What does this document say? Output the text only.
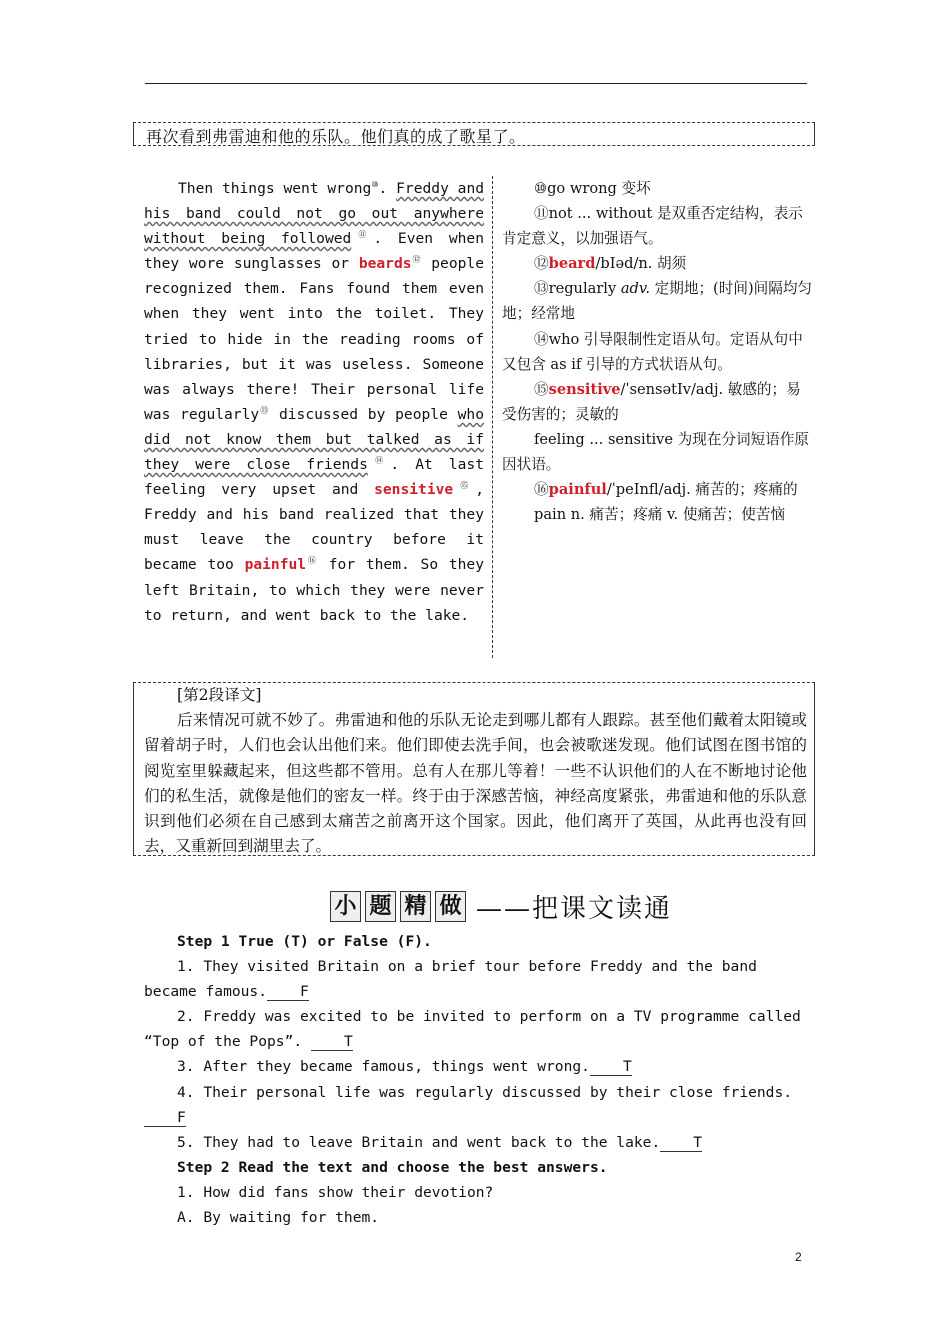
再次看到弗雷迪和他的乐队。他们真的成了歌星了。
Then things went wrong⑩. Freddy and his band could not go out anywhere without being followed⑪. Even when they wore sunglasses or beards⑫ people recognized them. Fans found them even when they went into the toilet. They tried to hide in the reading rooms of libraries, but it was useless. Someone was always there! Their personal life was regularly⑬ discussed by people who did not know them but talked as if they were close friends⑭. At last feeling very upset and sensitive⑮, Freddy and his band realized that they must leave the country before it became too painful⑯ for them. So they left Britain, to which they were never to return, and went back to the lake.

⑩go wrong 变坏

⑪not ... without 是双重否定结构，表示肯定意义，以加强语气。

⑫beard/bIəd/n. 胡须

⑬regularly adv. 定期地；(时间)间隔均匀地；经常地

⑭who 引导限制性定语从句。定语从句中又包含 as if 引导的方式状语从句。

⑮sensitive/ˈsensətIv/adj. 敏感的；易受伤害的；灵敏的

feeling ... sensitive 为现在分词短语作原因状语。

⑯painful/ˈpeInfl/adj. 痛苦的；疼痛的

pain n. 痛苦；疼痛 v. 使痛苦；使苦恼

[第2段译文]

后来情况可就不妙了。弗雷迪和他的乐队无论走到哪儿都有人跟踪。甚至他们戴着太阳镜或留着胡子时，人们也会认出他们来。他们即使去洗手间，也会被歌迷发现。他们试图在图书馆的阅览室里躲藏起来，但这些都不管用。总有人在那儿等着！一些不认识他们的人在不断地讨论他们的私生活，就像是他们的密友一样。终于由于深感苦恼，神经高度紧张，弗雷迪和他的乐队意识到他们必须在自己感到太痛苦之前离开这个国家。因此，他们离开了英国，从此再也没有回去，又重新回到湖里去了。

小 题 精 做 ——把课文读通

Step 1 True (T) or False (F).

1. They visited Britain on a brief tour before Freddy and the band became famous. F

2. Freddy was excited to be invited to perform on a TV programme called “Top of the Pops”.	T

3. After they became famous, things went wrong. T

4. Their personal life was regularly discussed by their close friends.F

5. They had to leave Britain and went back to the lake. T

Step 2 Read the text and choose the best answers.

1. How did fans show their devotion?

A. By waiting for them.

2
